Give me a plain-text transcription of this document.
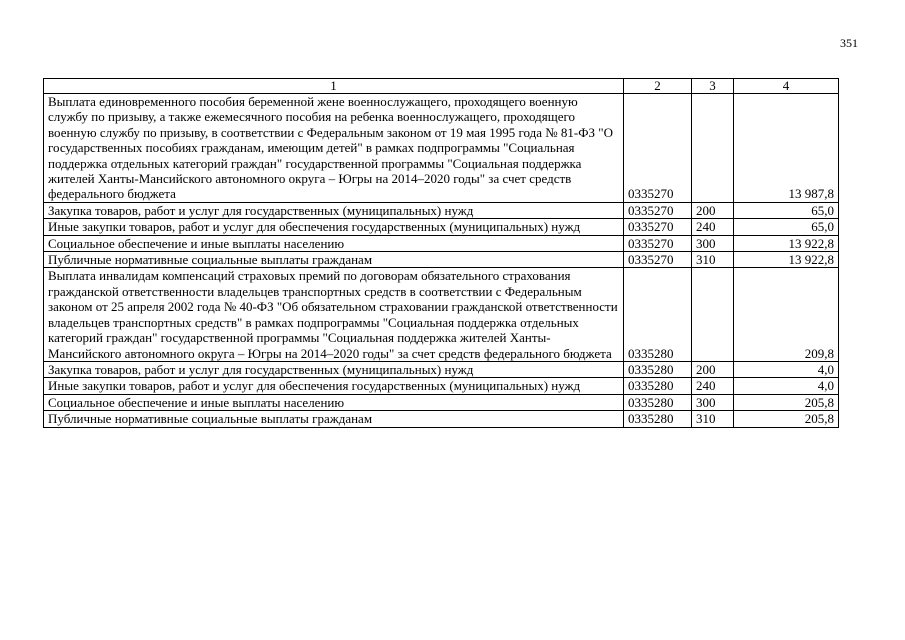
351
1	2	3	4
Выплата единовременного пособия беременной жене военнослужащего, проходящего военную службу по призыву, а также ежемесячного пособия на ребенка военнослужащего, проходящего военную службу по призыву, в соответствии с Федеральным законом от 19 мая 1995 года № 81-ФЗ "О государственных пособиях гражданам, имеющим детей" в рамках подпрограммы "Социальная поддержка отдельных категорий граждан" государственной программы "Социальная поддержка жителей Ханты-Мансийского автономного округа – Югры на 2014–2020 годы" за счет средств федерального бюджета	0335270		13 987,8
Закупка товаров, работ и услуг для государственных (муниципальных) нужд	0335270	200	65,0
Иные закупки товаров, работ и услуг для обеспечения государственных (муниципальных) нужд	0335270	240	65,0
Социальное обеспечение и иные выплаты населению	0335270	300	13 922,8
Публичные нормативные социальные выплаты гражданам	0335270	310	13 922,8
Выплата инвалидам компенсаций страховых премий по договорам обязательного страхования гражданской ответственности владельцев транспортных средств в соответствии с Федеральным законом от 25 апреля 2002 года № 40-ФЗ "Об обязательном страховании гражданской ответственности владельцев транспортных средств" в рамках подпрограммы "Социальная поддержка отдельных категорий граждан" государственной программы "Социальная поддержка жителей Ханты-Мансийского автономного округа – Югры на 2014–2020 годы" за счет средств федерального бюджета	0335280		209,8
Закупка товаров, работ и услуг для государственных (муниципальных) нужд	0335280	200	4,0
Иные закупки товаров, работ и услуг для обеспечения государственных (муниципальных) нужд	0335280	240	4,0
Социальное обеспечение и иные выплаты населению	0335280	300	205,8
Публичные нормативные социальные выплаты гражданам	0335280	310	205,8
